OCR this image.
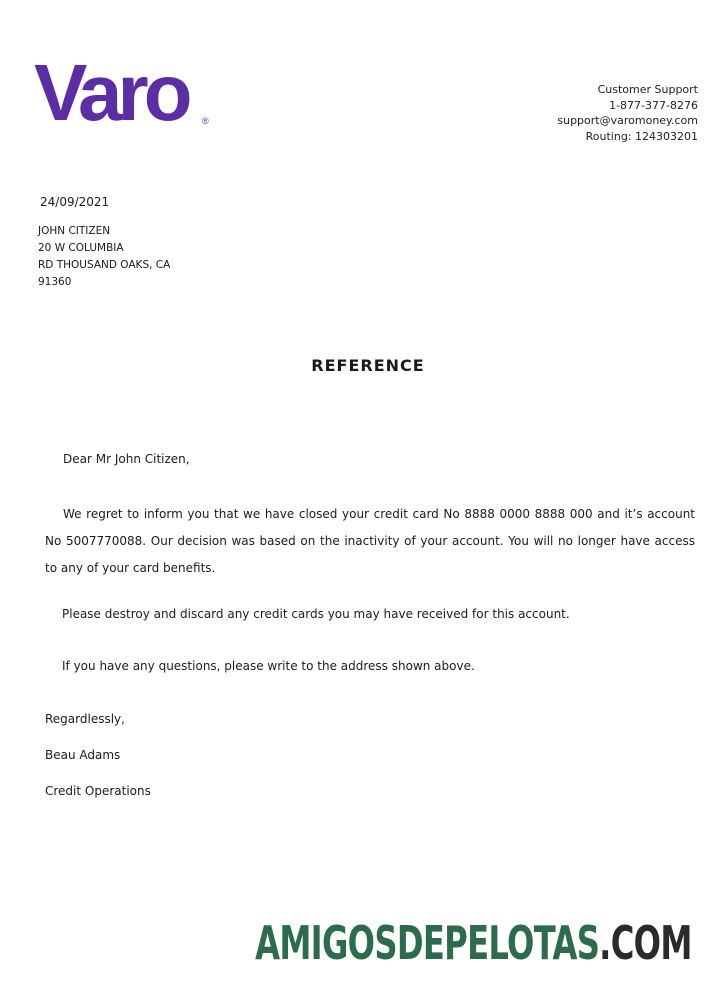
Varo ®
Customer Support
1-877-377-8276
support@varomoney.com
Routing: 124303201
24/09/2021
JOHN CITIZEN
20 W COLUMBIA
RD THOUSAND OAKS, CA
91360
REFERENCE
Dear Mr John Citizen,
We regret to inform you that we have closed your credit card No 8888 0000 8888 000 and it’s account No 5007770088. Our decision was based on the inactivity of your account. You will no longer have access to any of your card benefits.
Please destroy and discard any credit cards you may have received for this account.
If you have any questions, please write to the address shown above.
Regardlessly,
Beau Adams
Credit Operations
AMIGOSDEPELOTAS.COM
